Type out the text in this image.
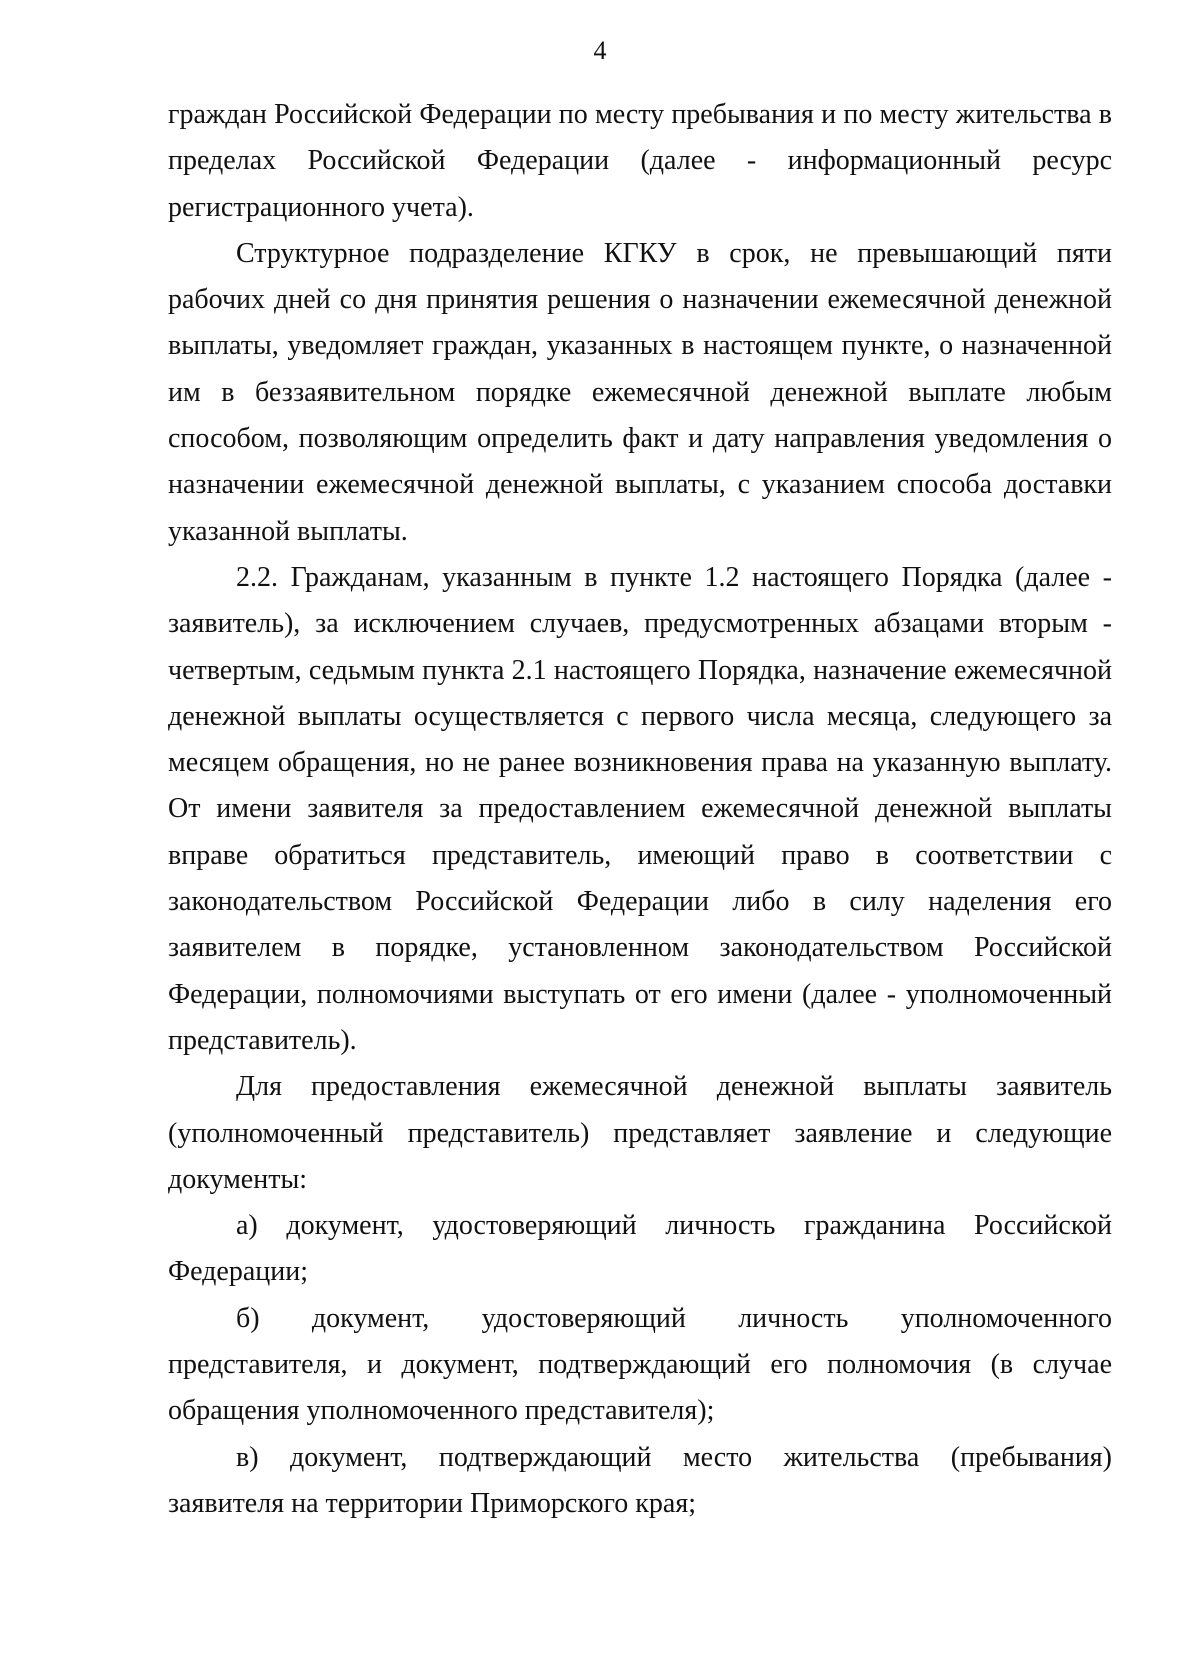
4

граждан Российской Федерации по месту пребывания и по месту жительства в пределах Российской Федерации (далее - информационный ресурс регистрационного учета).

Структурное подразделение КГКУ в срок, не превышающий пяти рабочих дней со дня принятия решения о назначении ежемесячной денежной выплаты, уведомляет граждан, указанных в настоящем пункте, о назначенной им в беззаявительном порядке ежемесячной денежной выплате любым способом, позволяющим определить факт и дату направления уведомления о назначении ежемесячной денежной выплаты, с указанием способа доставки указанной выплаты.

2.2. Гражданам, указанным в пункте 1.2 настоящего Порядка (далее - заявитель), за исключением случаев, предусмотренных абзацами вторым - четвертым, седьмым пункта 2.1 настоящего Порядка, назначение ежемесячной денежной выплаты осуществляется с первого числа месяца, следующего за месяцем обращения, но не ранее возникновения права на указанную выплату. От имени заявителя за предоставлением ежемесячной денежной выплаты вправе обратиться представитель, имеющий право в соответствии с законодательством Российской Федерации либо в силу наделения его заявителем в порядке, установленном законодательством Российской Федерации, полномочиями выступать от его имени (далее - уполномоченный представитель).

Для предоставления ежемесячной денежной выплаты заявитель (уполномоченный представитель) представляет заявление и следующие документы:

а) документ, удостоверяющий личность гражданина Российской Федерации;

б) документ, удостоверяющий личность уполномоченного представителя, и документ, подтверждающий его полномочия (в случае обращения уполномоченного представителя);

в) документ, подтверждающий место жительства (пребывания) заявителя на территории Приморского края;
